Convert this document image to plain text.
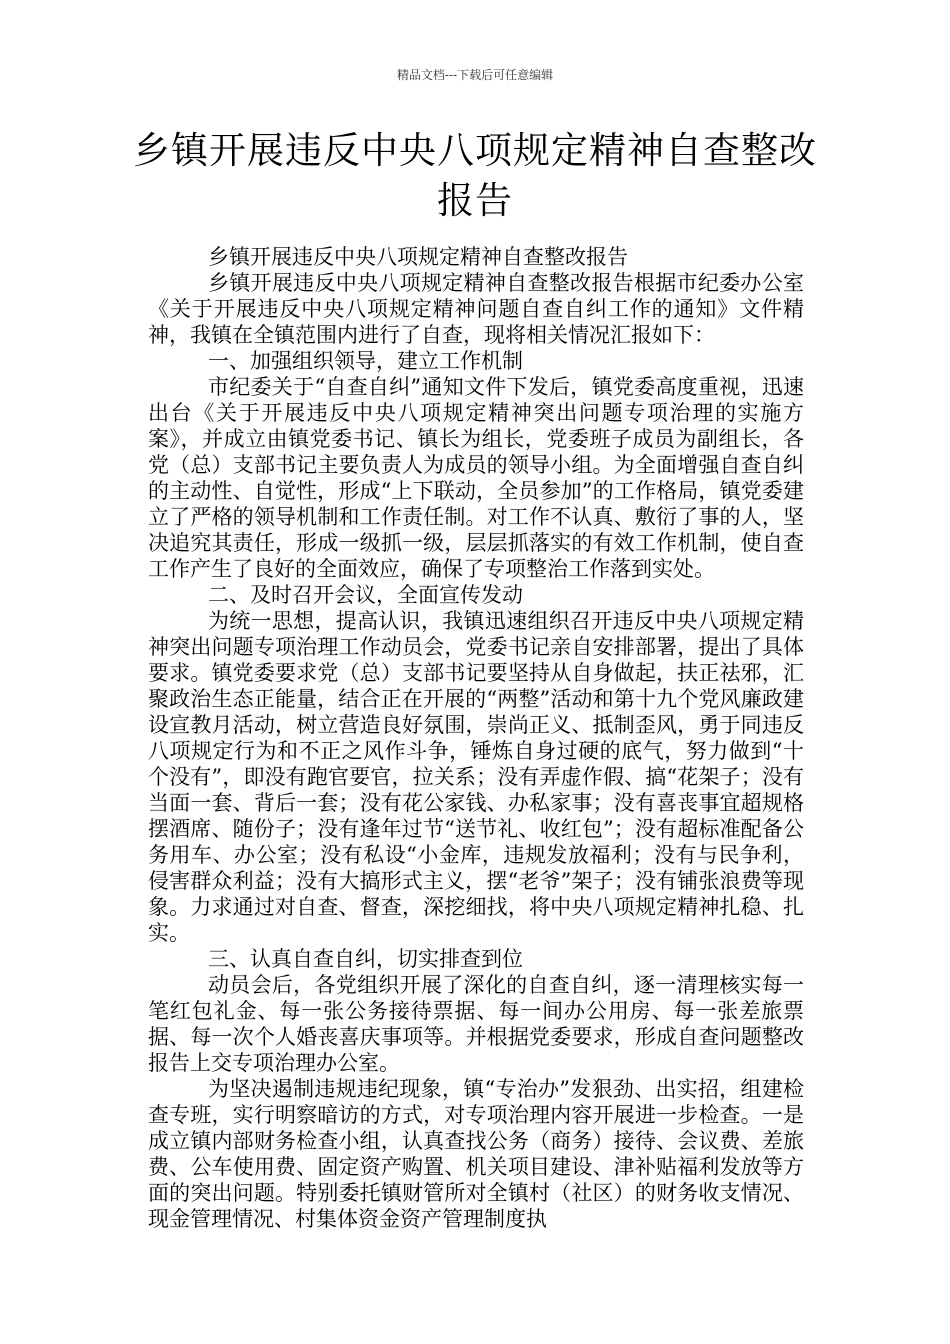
精品文档---下载后可任意编辑
乡镇开展违反中央八项规定精神自查整改
报告

乡镇开展违反中央八项规定精神自查整改报告

乡镇开展违反中央八项规定精神自查整改报告根据市纪委办公室《关于开展违反中央八项规定精神问题自查自纠工作的通知》文件精神，我镇在全镇范围内进行了自查，现将相关情况汇报如下：

一、加强组织领导，建立工作机制

市纪委关于“自查自纠”通知文件下发后，镇党委高度重视，迅速出台《关于开展违反中央八项规定精神突出问题专项治理的实施方案》，并成立由镇党委书记、镇长为组长，党委班子成员为副组长，各党（总）支部书记主要负责人为成员的领导小组。为全面增强自查自纠的主动性、自觉性，形成“上下联动，全员参加”的工作格局，镇党委建立了严格的领导机制和工作责任制。对工作不认真、敷衍了事的人，坚决追究其责任，形成一级抓一级，层层抓落实的有效工作机制，使自查工作产生了良好的全面效应，确保了专项整治工作落到实处。

二、及时召开会议，全面宣传发动

为统一思想，提高认识，我镇迅速组织召开违反中央八项规定精神突出问题专项治理工作动员会，党委书记亲自安排部署，提出了具体要求。镇党委要求党（总）支部书记要坚持从自身做起，扶正祛邪，汇聚政治生态正能量，结合正在开展的“两整”活动和第十九个党风廉政建设宣教月活动，树立营造良好氛围，崇尚正义、抵制歪风，勇于同违反八项规定行为和不正之风作斗争，锤炼自身过硬的底气，努力做到“十个没有”，即没有跑官要官，拉关系；没有弄虚作假、搞“花架子；没有当面一套、背后一套；没有花公家钱、办私家事；没有喜丧事宜超规格摆酒席、随份子；没有逢年过节“送节礼、收红包”；没有超标准配备公务用车、办公室；没有私设“小金库，违规发放福利；没有与民争利，侵害群众利益；没有大搞形式主义，摆“老爷”架子；没有铺张浪费等现象。力求通过对自查、督查，深挖细找，将中央八项规定精神扎稳、扎实。

三、认真自查自纠，切实排查到位

动员会后，各党组织开展了深化的自查自纠，逐一清理核实每一笔红包礼金、每一张公务接待票据、每一间办公用房、每一张差旅票据、每一次个人婚丧喜庆事项等。并根据党委要求，形成自查问题整改报告上交专项治理办公室。

为坚决遏制违规违纪现象，镇“专治办”发狠劲、出实招，组建检查专班，实行明察暗访的方式，对专项治理内容开展进一步检查。一是成立镇内部财务检查小组，认真查找公务（商务）接待、会议费、差旅费、公车使用费、固定资产购置、机关项目建设、津补贴福利发放等方面的突出问题。特别委托镇财管所对全镇村（社区）的财务收支情况、现金管理情况、村集体资金资产管理制度执
